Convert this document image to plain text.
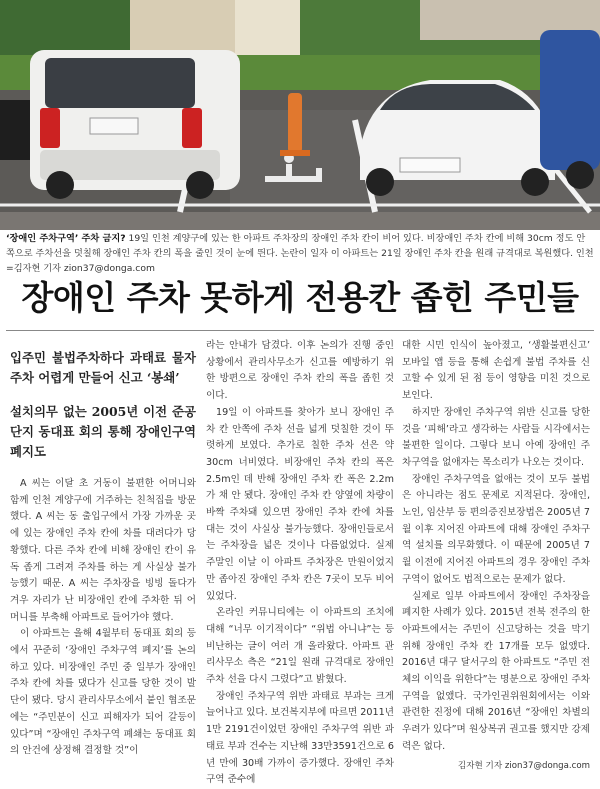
‘장애인 주차구역’ 주차 금지? 19일 인천 계양구에 있는 한 아파트 주차장의 장애인 주차 칸이 비어 있다. 비장애인 주차 칸에 비해 30cm 정도 안쪽으로 주차선을 덧칠해 장애인 주차 칸의 폭을 줄인 것이 눈에 띈다. 논란이 일자 이 아파트는 21일 장애인 주차 칸을 원래 규격대로 복원했다. 인천=김자현 기자 zion37@donga.com
장애인 주차 못하게 전용칸 좁힌 주민들
입주민 불법주차하다 과태료 물자 주차 어렵게 만들어 신고 ‘봉쇄’
설치의무 없는 2005년 이전 준공단지 동대표 회의 통해 장애인구역 폐지도

A 씨는 이달 초 거동이 불편한 어머니와 함께 인천 계양구에 거주하는 친척집을 방문했다. A 씨는 동 출입구에서 가장 가까운 곳에 있는 장애인 주차 칸에 차를 대려다가 당황했다. 다른 주차 칸에 비해 장애인 칸이 유독 좁게 그려져 주차를 하는 게 사실상 불가능했기 때문. A 씨는 주차장을 빙빙 돌다가 겨우 자리가 난 비장애인 칸에 주차한 뒤 어머니를 부축해 아파트로 들어가야 했다.

이 아파트는 올해 4월부터 동대표 회의 등에서 꾸준히 ‘장애인 주차구역 폐지’를 논의하고 있다. 비장애인 주민 중 일부가 장애인 주차 칸에 차를 댔다가 신고를 당한 것이 발단이 됐다. 당시 관리사무소에서 붙인 협조문에는 “주민분이 신고 피해자가 되어 갈등이 있다”며 “장애인 주차구역 폐쇄는 동대표 회의 안건에 상정해 결정할 것”이

라는 안내가 담겼다. 이후 논의가 진행 중인 상황에서 관리사무소가 신고를 예방하기 위한 방편으로 장애인 주차 칸의 폭을 좁힌 것이다.

19일 이 아파트를 찾아가 보니 장애인 주차 칸 안쪽에 주차 선을 넓게 덧칠한 것이 뚜렷하게 보였다. 추가로 칠한 주차 선은 약 30cm 너비였다. 비장애인 주차 칸의 폭은 2.5m인 데 반해 장애인 주차 칸 폭은 2.2m가 채 안 됐다. 장애인 주차 칸 양옆에 차량이 바짝 주차돼 있으면 장애인 주차 칸에 차를 대는 것이 사실상 불가능했다. 장애인들로서는 주차장을 넓은 것이나 다름없었다. 실제 주말인 이날 이 아파트 주차장은 만원이었지만 좁아진 장애인 주차 칸은 7곳이 모두 비어 있었다.

온라인 커뮤니티에는 이 아파트의 조치에 대해 “너무 이기적이다” “위법 아니냐”는 등 비난하는 글이 여러 개 올라왔다. 아파트 관리사무소 측은 “21일 원래 규격대로 장애인 주차 선을 다시 그렸다”고 밝혔다.

장애인 주차구역 위반 과태료 부과는 크게 늘어나고 있다. 보건복지부에 따르면 2011년 1만 2191건이었던 장애인 주차구역 위반 과태료 부과 건수는 지난해 33만3591건으로 6년 만에 30배 가까이 증가했다. 장애인 주차구역 준수에

대한 시민 인식이 높아졌고, ‘생활불편신고’ 모바일 앱 등을 통해 손쉽게 불법 주차를 신고할 수 있게 된 점 등이 영향을 미친 것으로 보인다.

하지만 장애인 주차구역 위반 신고를 당한 것을 ‘피해’라고 생각하는 사람들 시각에서는 불편한 일이다. 그렇다 보니 아예 장애인 주차구역을 없애자는 목소리가 나오는 것이다.

장애인 주차구역을 없애는 것이 모두 불법은 아니라는 점도 문제로 지적된다. 장애인, 노인, 임산부 등 편의증진보장법은 2005년 7월 이후 지어진 아파트에 대해 장애인 주차구역 설치를 의무화했다. 이 때문에 2005년 7월 이전에 지어진 아파트의 경우 장애인 주차구역이 없어도 법적으로는 문제가 없다.

실제로 일부 아파트에서 장애인 주차장을 폐지한 사례가 있다. 2015년 전북 전주의 한 아파트에서는 주민이 신고당하는 것을 막기 위해 장애인 주차 칸 17개를 모두 없앴다. 2016년 대구 달서구의 한 아파트도 “주민 전체의 이익을 위한다”는 명분으로 장애인 주차구역을 없앴다. 국가인권위원회에서는 이와 관련한 진정에 대해 2016년 “장애인 차별의 우려가 있다”며 원상복귀 권고를 했지만 강제력은 없다.

김자현 기자 zion37@donga.com
